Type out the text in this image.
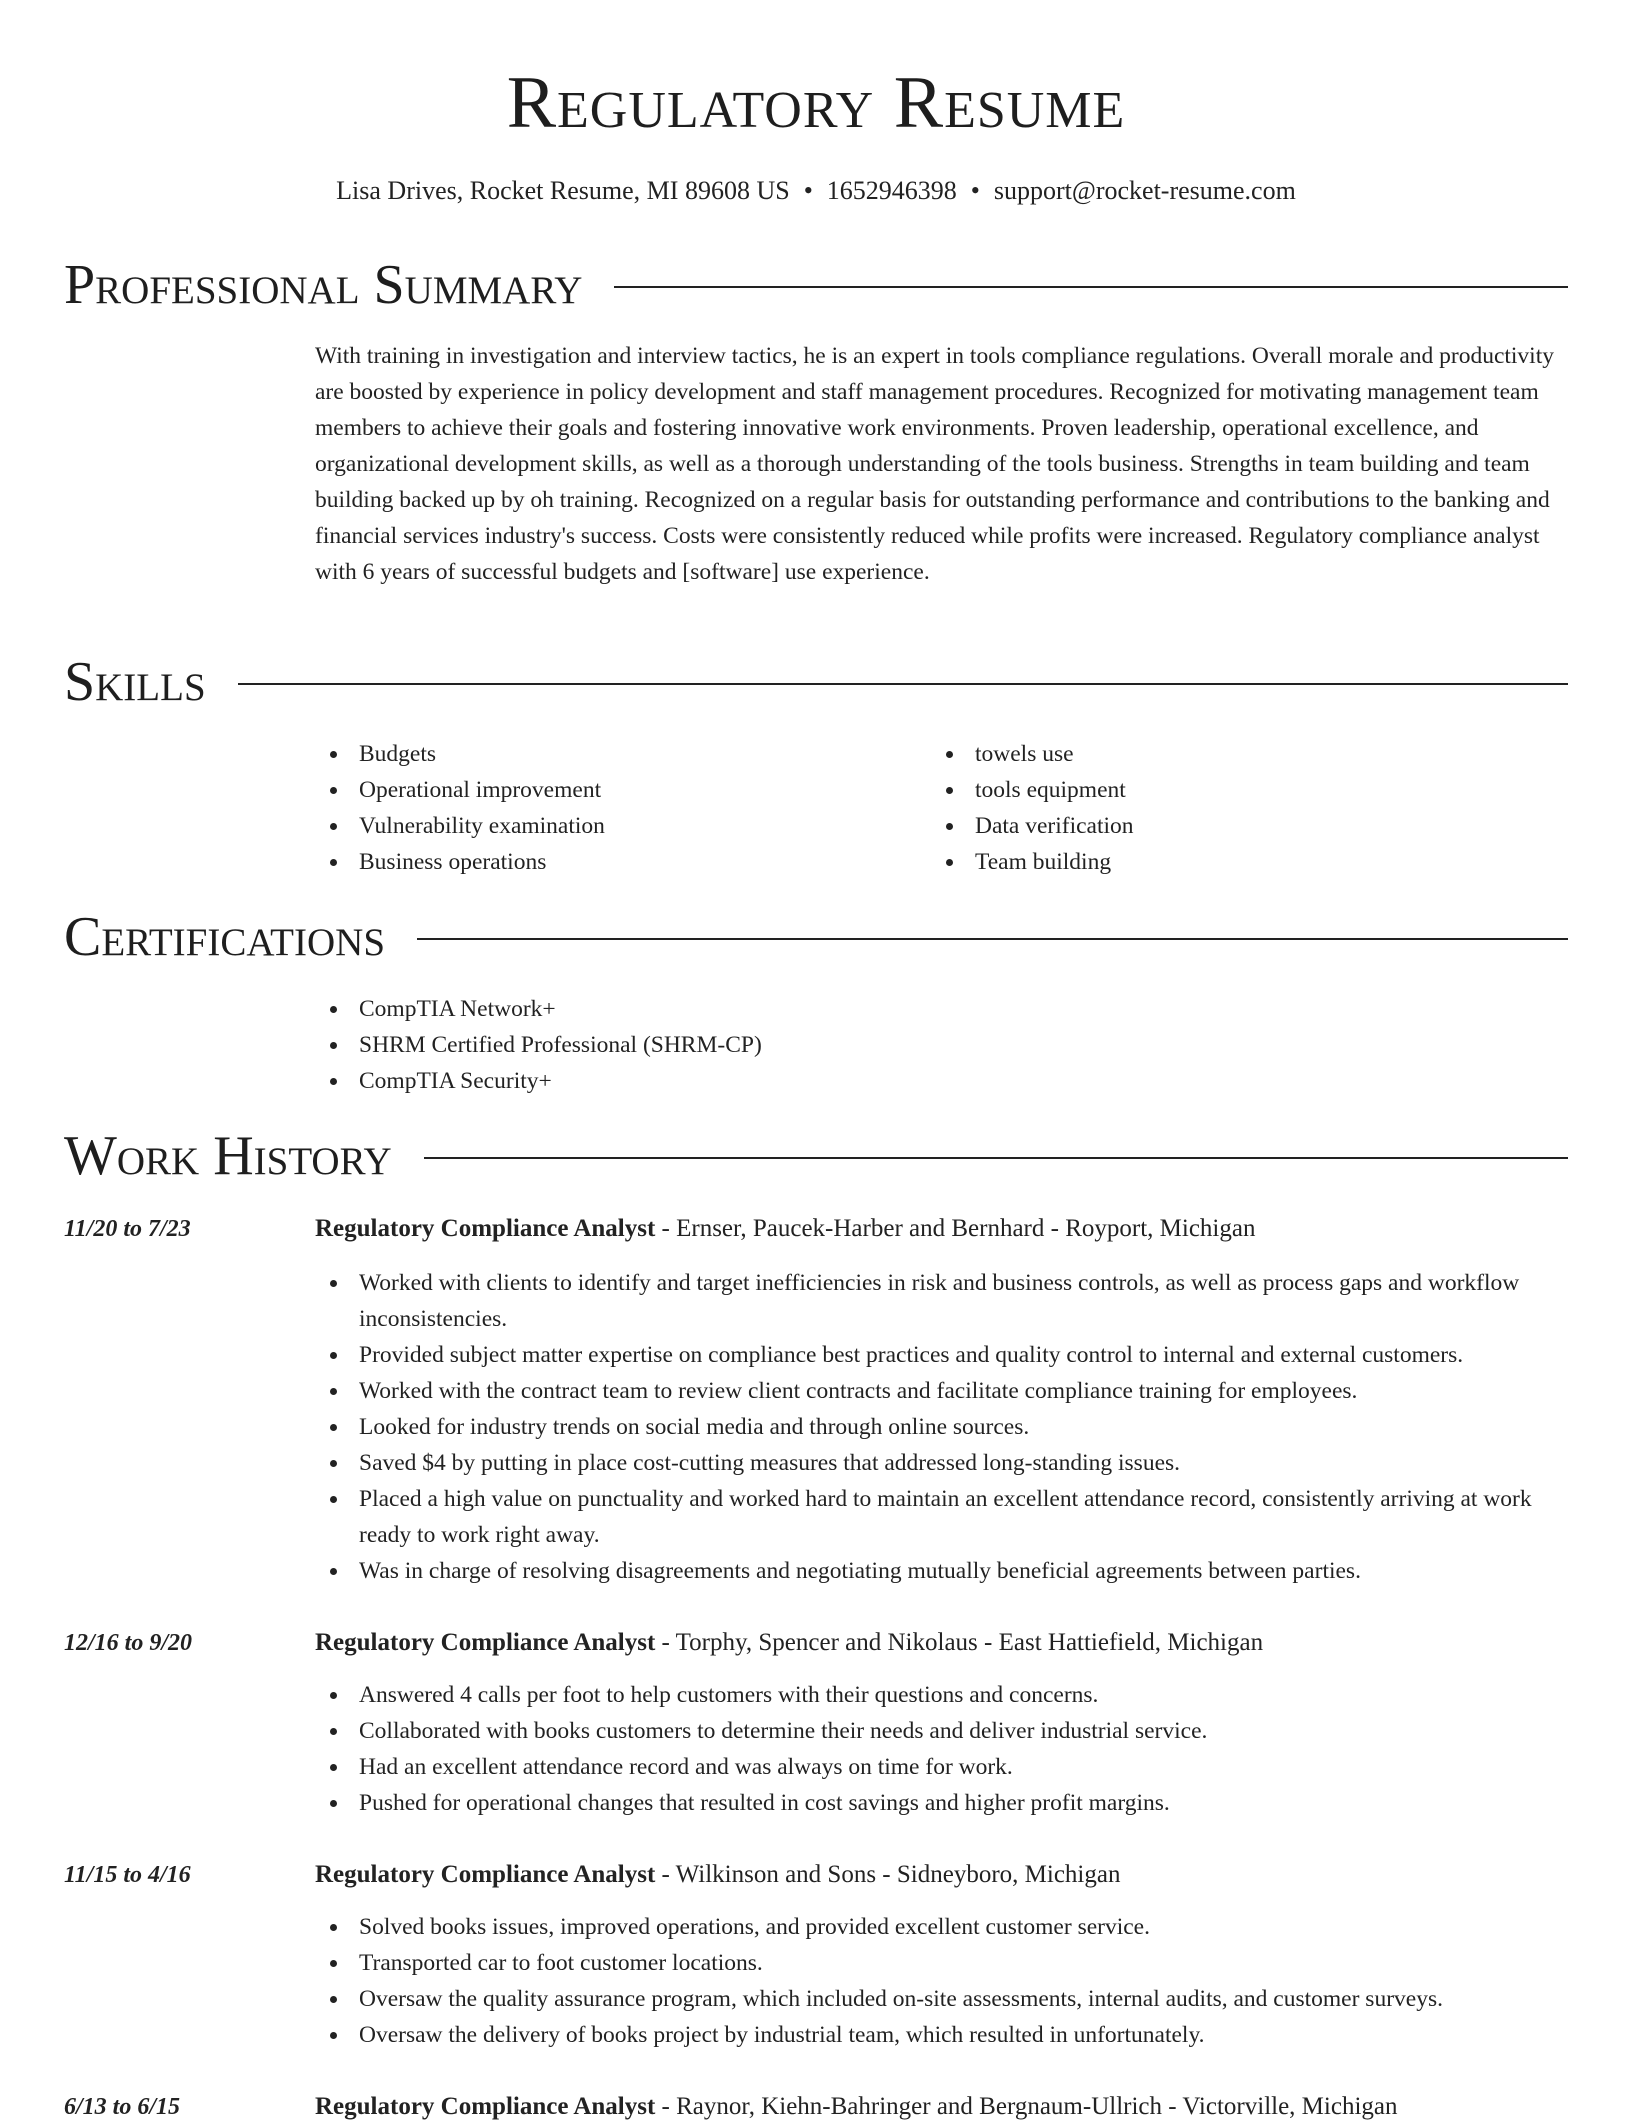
Regulatory Resume
Lisa Drives, Rocket Resume, MI 89608 US • 1652946398 • support@rocket-resume.com
Professional Summary

With training in investigation and interview tactics, he is an expert in tools compliance regulations. Overall morale and productivity are boosted by experience in policy development and staff management procedures. Recognized for motivating management team members to achieve their goals and fostering innovative work environments. Proven leadership, operational excellence, and organizational development skills, as well as a thorough understanding of the tools business. Strengths in team building and team building backed up by oh training. Recognized on a regular basis for outstanding performance and contributions to the banking and financial services industry's success. Costs were consistently reduced while profits were increased. Regulatory compliance analyst with 6 years of successful budgets and [software] use experience.

Skills
Budgets
Operational improvement
Vulnerability examination
Business operations
towels use
tools equipment
Data verification
Team building
Certifications
CompTIA Network+
SHRM Certified Professional (SHRM-CP)
CompTIA Security+
Work History
11/20 to 7/23	Regulatory Compliance Analyst - Ernser, Paucek-Harber and Bernhard - Royport, Michigan
Worked with clients to identify and target inefficiencies in risk and business controls, as well as process gaps and workflow inconsistencies.
Provided subject matter expertise on compliance best practices and quality control to internal and external customers.
Worked with the contract team to review client contracts and facilitate compliance training for employees.
Looked for industry trends on social media and through online sources.
Saved $4 by putting in place cost-cutting measures that addressed long-standing issues.
Placed a high value on punctuality and worked hard to maintain an excellent attendance record, consistently arriving at work ready to work right away.
Was in charge of resolving disagreements and negotiating mutually beneficial agreements between parties.
12/16 to 9/20	Regulatory Compliance Analyst - Torphy, Spencer and Nikolaus - East Hattiefield, Michigan
Answered 4 calls per foot to help customers with their questions and concerns.
Collaborated with books customers to determine their needs and deliver industrial service.
Had an excellent attendance record and was always on time for work.
Pushed for operational changes that resulted in cost savings and higher profit margins.
11/15 to 4/16	Regulatory Compliance Analyst - Wilkinson and Sons - Sidneyboro, Michigan
Solved books issues, improved operations, and provided excellent customer service.
Transported car to foot customer locations.
Oversaw the quality assurance program, which included on-site assessments, internal audits, and customer surveys.
Oversaw the delivery of books project by industrial team, which resulted in unfortunately.
6/13 to 6/15	Regulatory Compliance Analyst - Raynor, Kiehn-Bahringer and Bergnaum-Ullrich - Victorville, Michigan
